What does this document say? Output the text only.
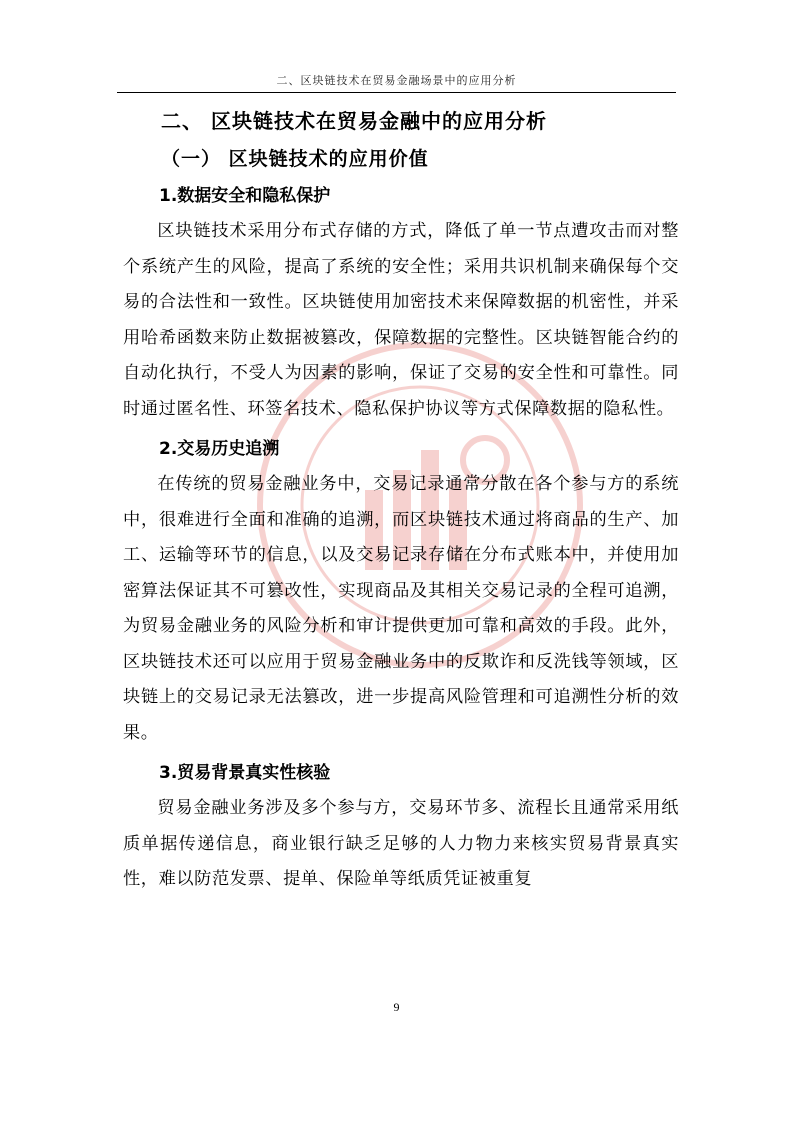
二、区块链技术在贸易金融场景中的应用分析
二、 区块链技术在贸易金融中的应用分析
（一） 区块链技术的应用价值
1.数据安全和隐私保护

区块链技术采用分布式存储的方式，降低了单一节点遭攻击而对整个系统产生的风险，提高了系统的安全性；采用共识机制来确保每个交易的合法性和一致性。区块链使用加密技术来保障数据的机密性，并采用哈希函数来防止数据被篡改，保障数据的完整性。区块链智能合约的自动化执行，不受人为因素的影响，保证了交易的安全性和可靠性。同时通过匿名性、环签名技术、隐私保护协议等方式保障数据的隐私性。

2.交易历史追溯

在传统的贸易金融业务中，交易记录通常分散在各个参与方的系统中，很难进行全面和准确的追溯，而区块链技术通过将商品的生产、加工、运输等环节的信息，以及交易记录存储在分布式账本中，并使用加密算法保证其不可篡改性，实现商品及其相关交易记录的全程可追溯，为贸易金融业务的风险分析和审计提供更加可靠和高效的手段。此外，区块链技术还可以应用于贸易金融业务中的反欺诈和反洗钱等领域，区块链上的交易记录无法篡改，进一步提高风险管理和可追溯性分析的效果。

3.贸易背景真实性核验

贸易金融业务涉及多个参与方，交易环节多、流程长且通常采用纸质单据传递信息，商业银行缺乏足够的人力物力来核实贸易背景真实性，难以防范发票、提单、保险单等纸质凭证被重复

9
